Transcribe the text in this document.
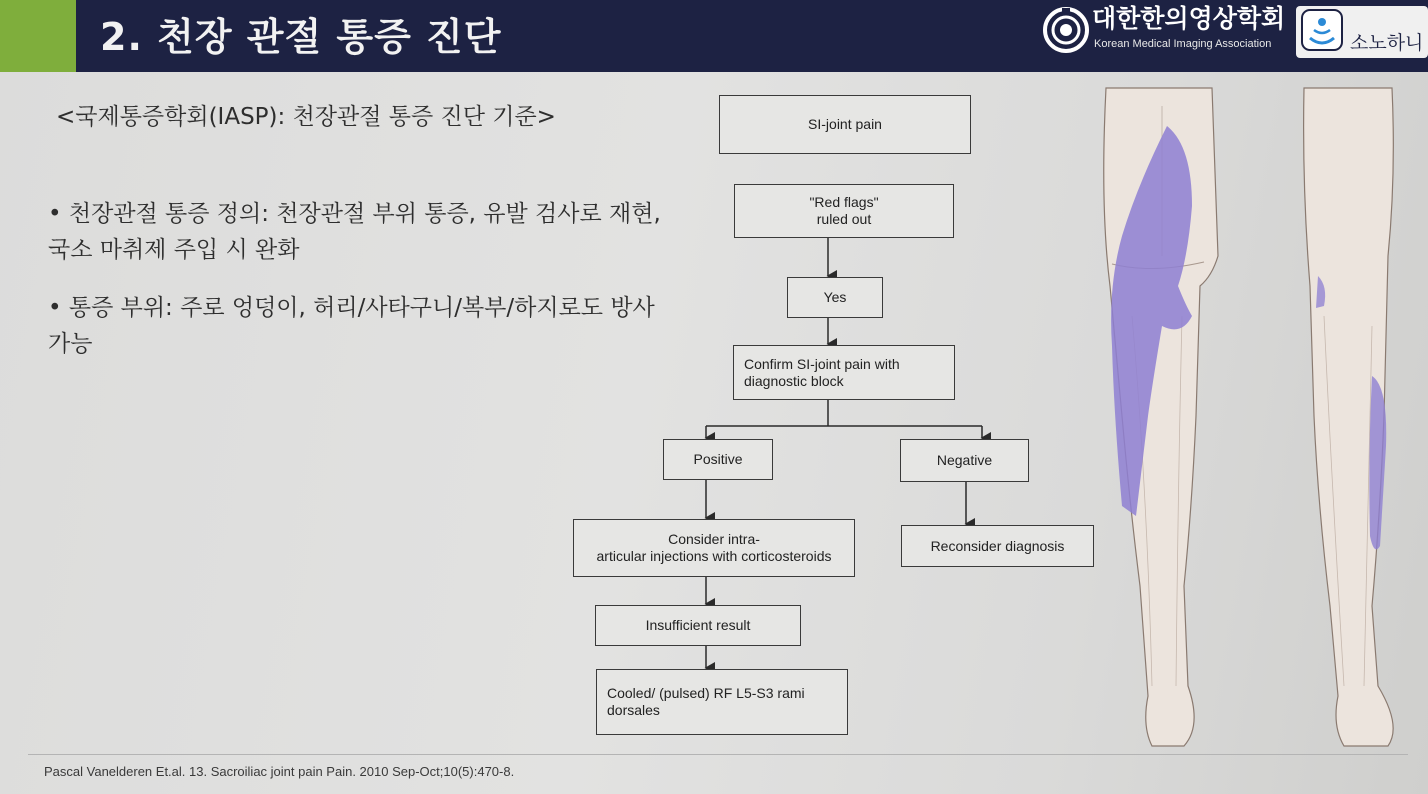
2. 천장 관절 통증 진단	대한한의영상학회
Korean Medical Imaging Association	소노하니
<국제통증학회(IASP): 천장관절 통증 진단 기준>
• 천장관절 통증 정의: 천장관절 부위 통증, 유발 검사로 재현, 국소 마취제 주입 시 완화
• 통증 부위: 주로 엉덩이, 허리/사타구니/복부/하지로도 방사 가능
SI-joint pain
"Red flags"
ruled out
Yes
Confirm SI-joint pain with
diagnostic block
Positive	Negative
Consider intra-
articular injections with corticosteroids
Reconsider diagnosis
Insufficient result
Cooled/ (pulsed) RF L5-S3 rami
dorsales
Pascal Vanelderen Et.al. 13. Sacroiliac joint pain Pain. 2010 Sep-Oct;10(5):470-8.
